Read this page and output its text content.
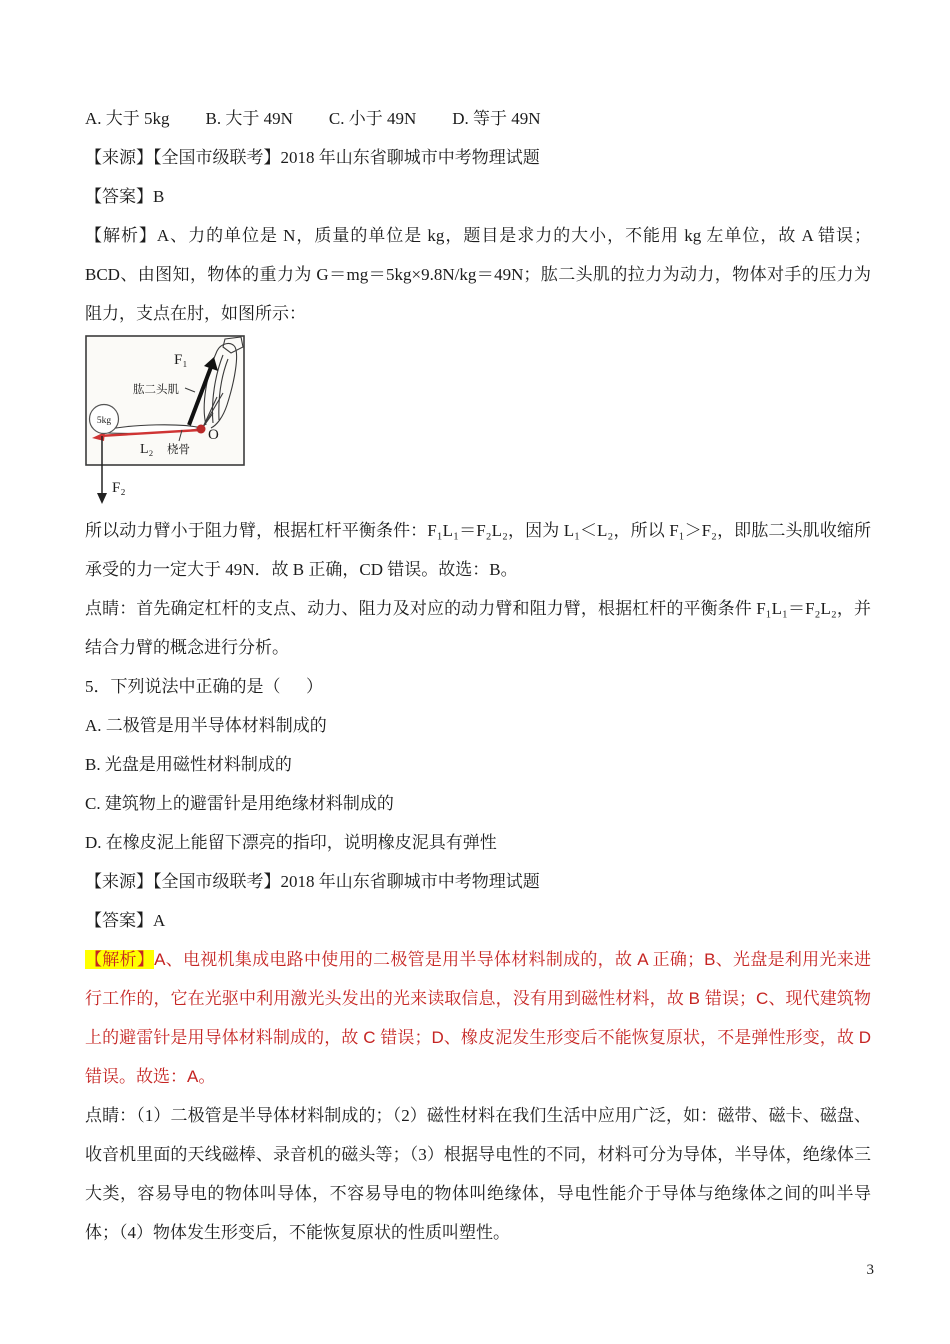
A. 大于 5kg B. 大于 49N C. 小于 49N D. 等于 49N

【来源】【全国市级联考】2018 年山东省聊城市中考物理试题

【答案】B

【解析】A、力的单位是 N，质量的单位是 kg，题目是求力的大小，不能用 kg 左单位，故 A 错误；BCD、由图知，物体的重力为 G＝mg＝5kg×9.8N/kg＝49N；肱二头肌的拉力为动力，物体对手的压力为阻力，支点在肘，如图所示：

F₁
肱二头肌
5kg
L₂ 桡骨
O
F₂

所以动力臂小于阻力臂，根据杠杆平衡条件：F₁L₁＝F₂L₂，因为 L₁＜L₂，所以 F₁＞F₂，即肱二头肌收缩所承受的力一定大于 49N．故 B 正确，CD 错误。故选：B。

点睛：首先确定杠杆的支点、动力、阻力及对应的动力臂和阻力臂，根据杠杆的平衡条件 F₁L₁＝F₂L₂，并结合力臂的概念进行分析。

5．下列说法中正确的是（      ）

A. 二极管是用半导体材料制成的

B. 光盘是用磁性材料制成的

C. 建筑物上的避雷针是用绝缘材料制成的

D. 在橡皮泥上能留下漂亮的指印，说明橡皮泥具有弹性

【来源】【全国市级联考】2018 年山东省聊城市中考物理试题

【答案】A

【解析】A、电视机集成电路中使用的二极管是用半导体材料制成的，故 A 正确；B、光盘是利用光来进行工作的，它在光驱中利用激光头发出的光来读取信息，没有用到磁性材料，故 B 错误；C、现代建筑物上的避雷针是用导体材料制成的，故 C 错误；D、橡皮泥发生形变后不能恢复原状，不是弹性形变，故 D 错误。故选：A。

点睛：（1）二极管是半导体材料制成的；（2）磁性材料在我们生活中应用广泛，如：磁带、磁卡、磁盘、收音机里面的天线磁棒、录音机的磁头等；（3）根据导电性的不同，材料可分为导体，半导体，绝缘体三大类，容易导电的物体叫导体，不容易导电的物体叫绝缘体，导电性能介于导体与绝缘体之间的叫半导体；（4）物体发生形变后，不能恢复原状的性质叫塑性。

3
